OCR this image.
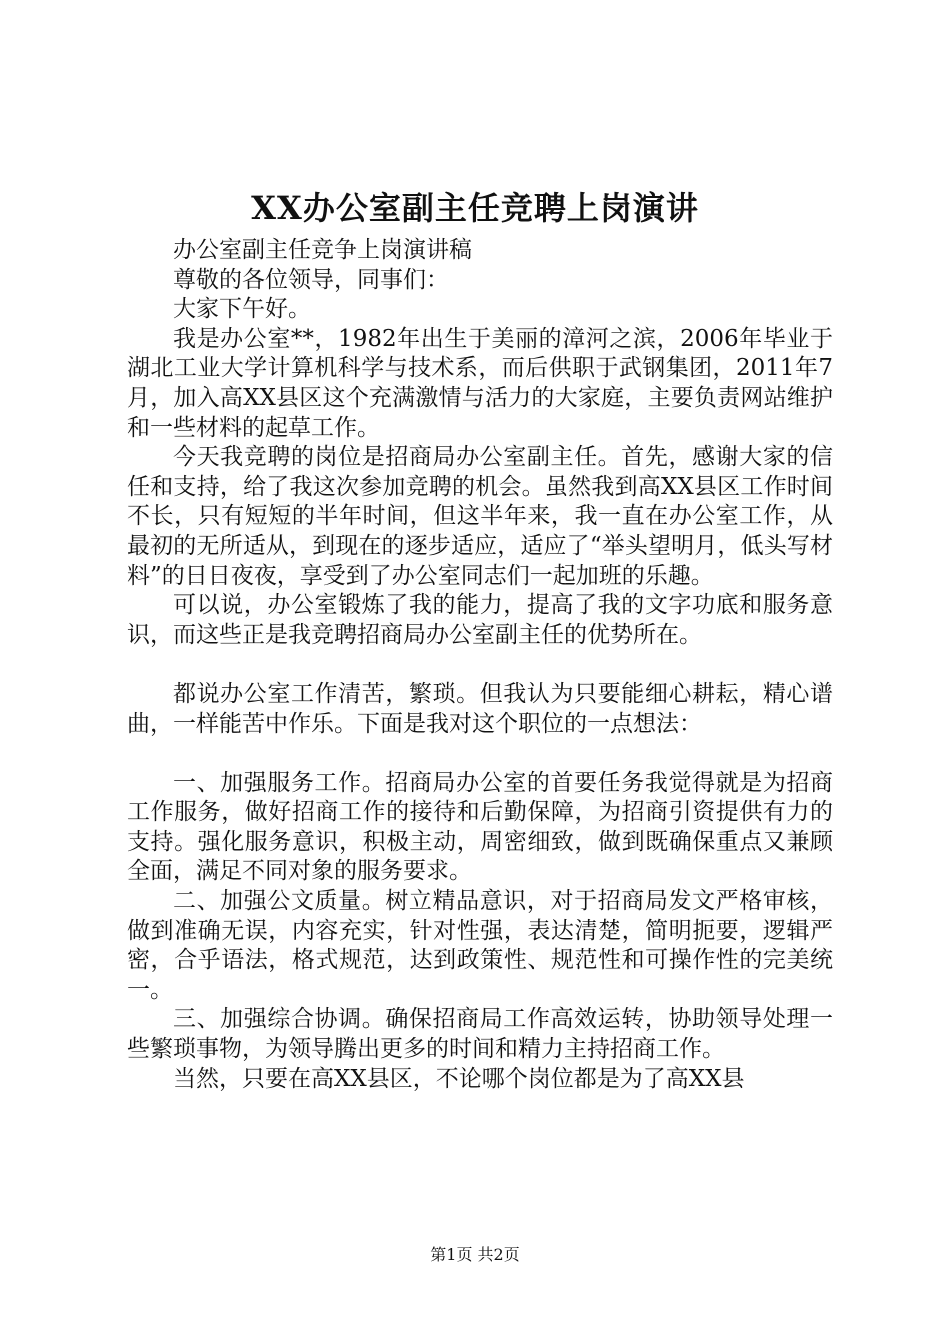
XX办公室副主任竞聘上岗演讲

办公室副主任竞争上岗演讲稿

尊敬的各位领导，同事们：

大家下午好。

我是办公室**，1982年出生于美丽的漳河之滨，2006年毕业于湖北工业大学计算机科学与技术系，而后供职于武钢集团，2011年7月，加入高XX县区这个充满激情与活力的大家庭，主要负责网站维护和一些材料的起草工作。

今天我竞聘的岗位是招商局办公室副主任。首先，感谢大家的信任和支持，给了我这次参加竞聘的机会。虽然我到高XX县区工作时间不长，只有短短的半年时间，但这半年来，我一直在办公室工作，从最初的无所适从，到现在的逐步适应，适应了“举头望明月，低头写材料”的日日夜夜，享受到了办公室同志们一起加班的乐趣。

可以说，办公室锻炼了我的能力，提高了我的文字功底和服务意识，而这些正是我竞聘招商局办公室副主任的优势所在。

都说办公室工作清苦，繁琐。但我认为只要能细心耕耘，精心谱曲，一样能苦中作乐。下面是我对这个职位的一点想法：

一、加强服务工作。招商局办公室的首要任务我觉得就是为招商工作服务，做好招商工作的接待和后勤保障，为招商引资提供有力的支持。强化服务意识，积极主动，周密细致，做到既确保重点又兼顾全面，满足不同对象的服务要求。

二、加强公文质量。树立精品意识，对于招商局发文严格审核，做到准确无误，内容充实，针对性强，表达清楚，简明扼要，逻辑严密，合乎语法，格式规范，达到政策性、规范性和可操作性的完美统一。

三、加强综合协调。确保招商局工作高效运转，协助领导处理一些繁琐事物，为领导腾出更多的时间和精力主持招商工作。

当然，只要在高XX县区，不论哪个岗位都是为了高XX县

第1页 共2页
